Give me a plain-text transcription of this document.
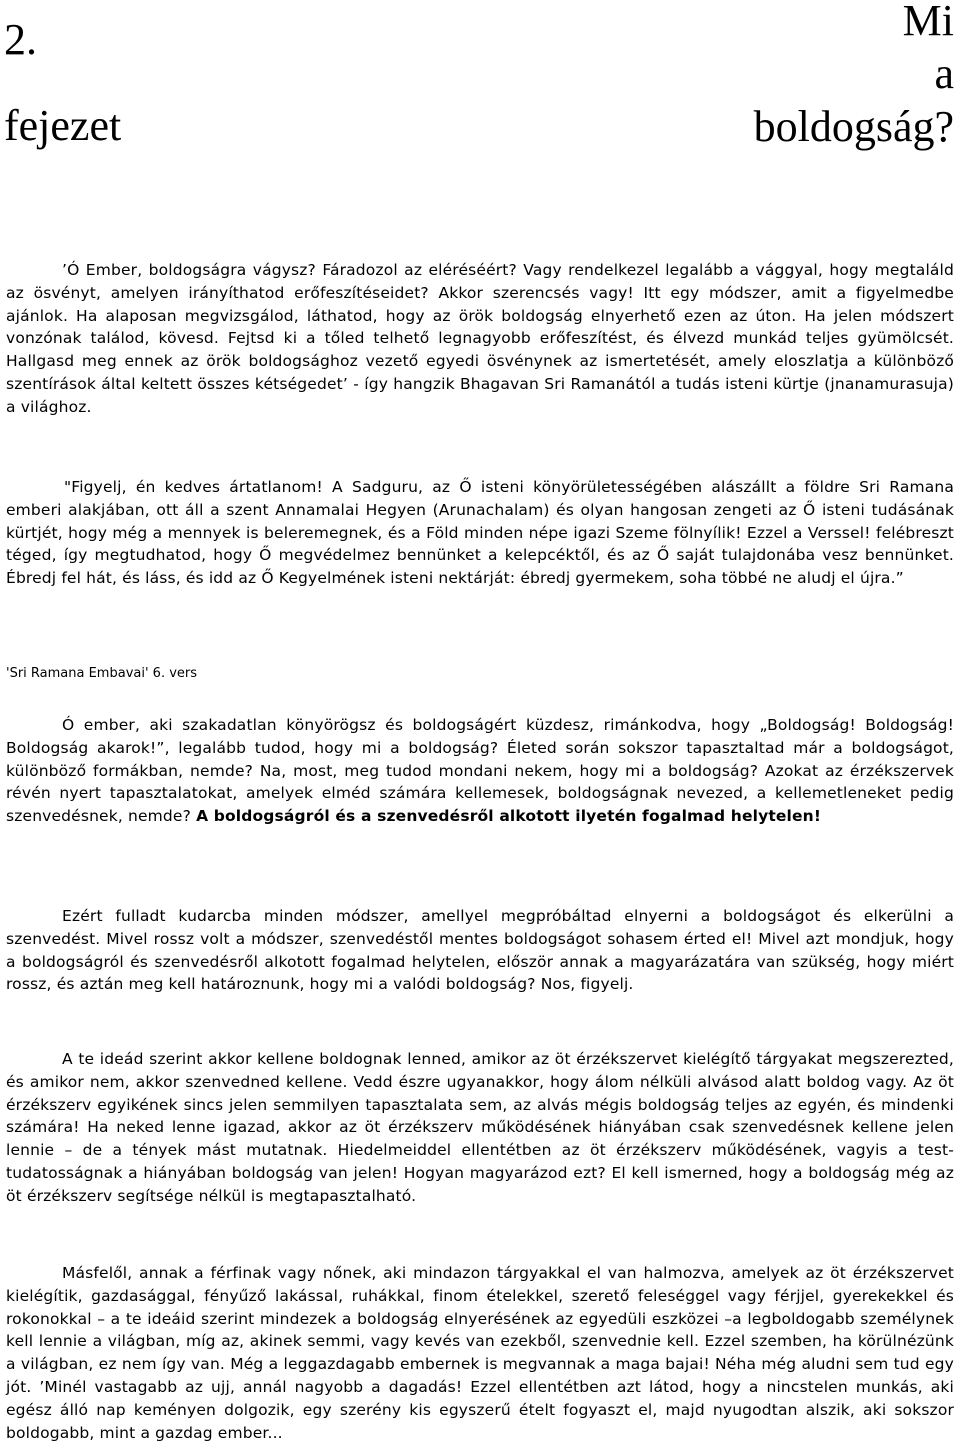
2.
fejezet
Mi
a
boldogság?

’Ó Ember, boldogságra vágysz? Fáradozol az eléréséért? Vagy rendelkezel legalább a vággyal, hogy megtaláld az ösvényt, amelyen irányíthatod erőfeszítéseidet? Akkor szerencsés vagy! Itt egy módszer, amit a figyelmedbe ajánlok. Ha alaposan megvizsgálod, láthatod, hogy az örök boldogság elnyerhető ezen az úton. Ha jelen módszert vonzónak találod, kövesd. Fejtsd ki a tőled telhető legnagyobb erőfeszítést, és élvezd munkád teljes gyümölcsét. Hallgasd meg ennek az örök boldogsághoz vezető egyedi ösvénynek az ismertetését, amely eloszlatja a különböző szentírások által keltett összes kétségedet’ - így hangzik Bhagavan Sri Ramanától a tudás isteni kürtje (jnanamurasuja) a világhoz.

"Figyelj, én kedves ártatlanom! A Sadguru, az Ő isteni könyörületességében alászállt a földre Sri Ramana emberi alakjában, ott áll a szent Annamalai Hegyen (Arunachalam) és olyan hangosan zengeti az Ő isteni tudásának kürtjét, hogy még a mennyek is beleremegnek, és a Föld minden népe igazi Szeme fölnyílik! Ezzel a Verssel! felébreszt téged, így megtudhatod, hogy Ő megvédelmez bennünket a kelepcéktől, és az Ő saját tulajdonába vesz bennünket. Ébredj fel hát, és láss, és idd az Ő Kegyelmének isteni nektárját: ébredj gyermekem, soha többé ne aludj el újra.”

'Sri Ramana Embavai' 6. vers

Ó ember, aki szakadatlan könyörögsz és boldogságért küzdesz, rimánkodva, hogy „Boldogság! Boldogság! Boldogság akarok!”, legalább tudod, hogy mi a boldogság? Életed során sokszor tapasztaltad már a boldogságot, különböző formákban, nemde? Na, most, meg tudod mondani nekem, hogy mi a boldogság? Azokat az érzékszervek révén nyert tapasztalatokat, amelyek elméd számára kellemesek, boldogságnak nevezed, a kellemetleneket pedig szenvedésnek, nemde? A boldogságról és a szenvedésről alkotott ilyetén fogalmad helytelen!

Ezért fulladt kudarcba minden módszer, amellyel megpróbáltad elnyerni a boldogságot és elkerülni a szenvedést. Mivel rossz volt a módszer, szenvedéstől mentes boldogságot sohasem érted el! Mivel azt mondjuk, hogy a boldogságról és szenvedésről alkotott fogalmad helytelen, először annak a magyarázatára van szükség, hogy miért rossz, és aztán meg kell határoznunk, hogy mi a valódi boldogság? Nos, figyelj.

A te ideád szerint akkor kellene boldognak lenned, amikor az öt érzékszervet kielégítő tárgyakat megszerezted, és amikor nem, akkor szenvedned kellene. Vedd észre ugyanakkor, hogy álom nélküli alvásod alatt boldog vagy. Az öt érzékszerv egyikének sincs jelen semmilyen tapasztalata sem, az alvás mégis boldogság teljes az egyén, és mindenki számára! Ha neked lenne igazad, akkor az öt érzékszerv működésének hiányában csak szenvedésnek kellene jelen lennie – de a tények mást mutatnak. Hiedelmeiddel ellentétben az öt érzékszerv működésének, vagyis a test-tudatosságnak a hiányában boldogság van jelen! Hogyan magyarázod ezt? El kell ismerned, hogy a boldogság még az öt érzékszerv segítsége nélkül is megtapasztalható.

Másfelől, annak a férfinak vagy nőnek, aki mindazon tárgyakkal el van halmozva, amelyek az öt érzékszervet kielégítik, gazdasággal, fényűző lakással, ruhákkal, finom ételekkel, szerető feleséggel vagy férjjel, gyerekekkel és rokonokkal – a te ideáid szerint mindezek a boldogság elnyerésének az egyedüli eszközei –a legboldogabb személynek kell lennie a világban, míg az, akinek semmi, vagy kevés van ezekből, szenvednie kell. Ezzel szemben, ha körülnézünk a világban, ez nem így van. Még a leggazdagabb embernek is megvannak a maga bajai! Néha még aludni sem tud egy jót. ’Minél vastagabb az ujj, annál nagyobb a dagadás! Ezzel ellentétben azt látod, hogy a nincstelen munkás, aki egész álló nap keményen dolgozik, egy szerény kis egyszerű ételt fogyaszt el, majd nyugodtan alszik, aki sokszor boldogabb, mint a gazdag ember...
